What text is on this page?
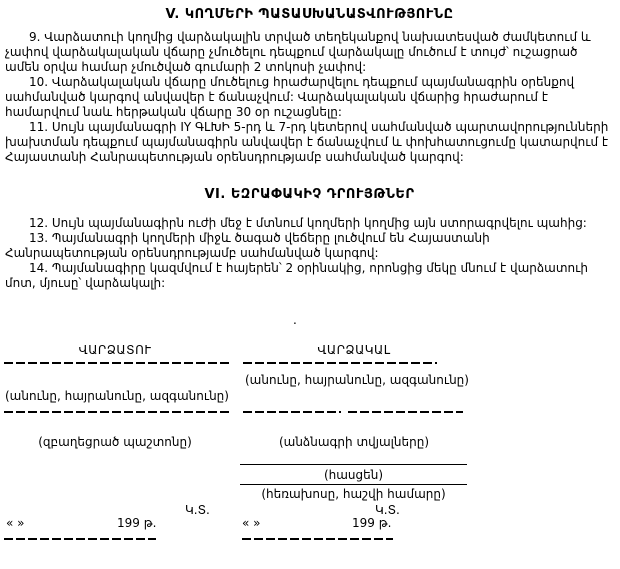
V. ԿՈՂՄԵՐԻ ՊԱՏԱՍԽԱՆԱՏՎՈՒԹՅՈՒՆԸ

9. Վարձատուի կողմից վարձակալին տրված տեղեկանքով նախատեսված ժամկետում և չափով վարձակալական վճարը չմուծելու դեպքում վարձակալը մուծում է տույժ՝ ուշացրած ամեն օրվա համար չմուծված գումարի 2 տոկոսի չափով:

10. Վարձակալական վճարը մուծելուց հրաժարվելու դեպքում պայմանագրին օրենքով սահմանված կարգով անվավեր է ճանաչվում: Վարձակալական վճարից հրաժարում է համարվում նաև հերթական վճարը 30 օր ուշացնելը:

11. Սույն պայմանագրի IY ԳԼԽԻ 5-րդ և 7-րդ կետերով սահմանված պարտավորությունների խախտման դեպքում պայմանագիրն անվավեր է ճանաչվում և փոխհատուցումը կատարվում է Հայաստանի Հանրապետության օրենսդրությամբ սահմանված կարգով:

VI. ԵԶՐԱՓԱԿԻՉ ԴՐՈՒՅԹՆԵՐ

12. Սույն պայմանագիրն ուժի մեջ է մտնում կողմերի կողմից այն ստորագրվելու պահից:

13. Պայմանագրի կողմերի միջև ծագած վեճերը լուծվում են Հայաստանի Հանրապետության օրենսդրությամբ սահմանված կարգով:

14. Պայմանագիրը կազմվում է հայերեն՝ 2 օրինակից, որոնցից մեկը մնում է վարձատուի մոտ, մյուսը՝ վարձակալի:

.
ՎԱՐՁԱՏՈՒ
(անունը, հայրանունը, ազգանունը)
(զբաղեցրած պաշտոնը)
Կ.Տ.
« »	199 թ.
ՎԱՐՁԱԿԱԼ
(անունը, հայրանունը, ազգանունը)
(անձնագրի տվյալները)
(հասցեն)
(հեռախոսը, հաշվի համարը)
Կ.Տ.
« »	199 թ.
